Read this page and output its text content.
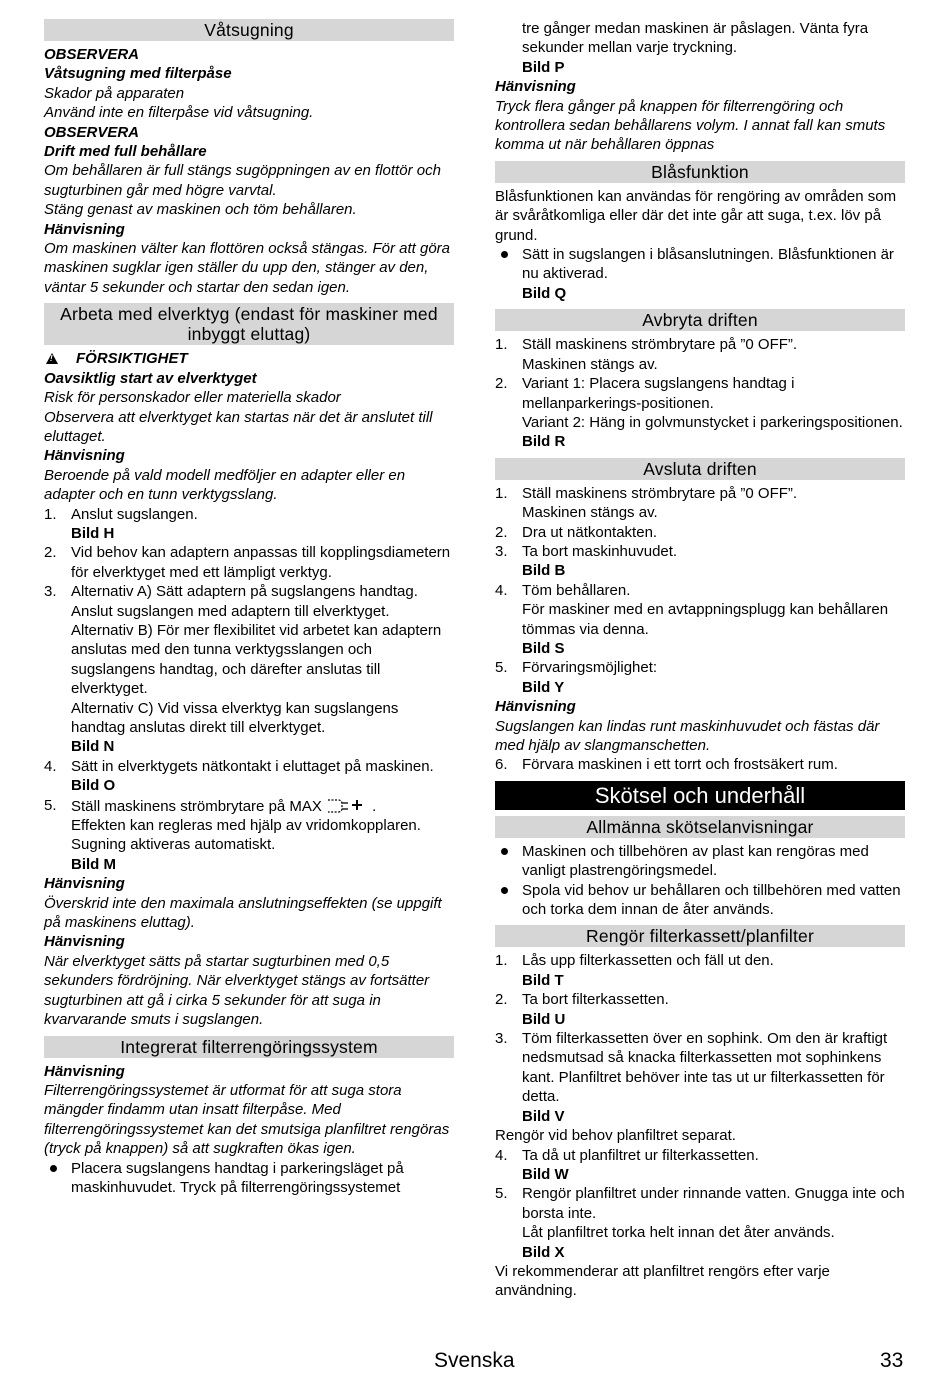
Våtsugning

OBSERVERA

Våtsugning med filterpåse

Skador på apparaten

Använd inte en filterpåse vid våtsugning.

OBSERVERA

Drift med full behållare

Om behållaren är full stängs sugöppningen av en flottör och sugturbinen går med högre varvtal.

Stäng genast av maskinen och töm behållaren.

Hänvisning

Om maskinen välter kan flottören också stängas. För att göra maskinen sugklar igen ställer du upp den, stänger av den, väntar 5 sekunder och startar den sedan igen.

Arbeta med elverktyg (endast för maskiner med inbyggt eluttag)

!FÖRSIKTIGHET

Oavsiktlig start av elverktyget

Risk för personskador eller materiella skador

Observera att elverktyget kan startas när det är anslutet till eluttaget.

Hänvisning

Beroende på vald modell medföljer en adapter eller en adapter och en tunn verktygsslang.

1. Anslut sugslangen.
Bild H
2. Vid behov kan adaptern anpassas till kopplingsdiametern för elverktyget med ett lämpligt verktyg.
3. Alternativ A) Sätt adaptern på sugslangens handtag. Anslut sugslangen med adaptern till elverktyget.
Alternativ B) För mer flexibilitet vid arbetet kan adaptern anslutas med den tunna verktygsslangen och sugslangens handtag, och därefter anslutas till elverktyget.
Alternativ C) Vid vissa elverktyg kan sugslangens handtag anslutas direkt till elverktyget.
Bild N
4. Sätt in elverktygets nätkontakt i eluttaget på maskinen.
Bild O
5. Ställ maskinens strömbrytare på MAX	.
Effekten kan regleras med hjälp av vridomkopplaren.
Sugning aktiveras automatiskt.
Bild M

Hänvisning

Överskrid inte den maximala anslutningseffekten (se uppgift på maskinens eluttag).

Hänvisning

När elverktyget sätts på startar sugturbinen med 0,5 sekunders fördröjning. När elverktyget stängs av fortsätter sugturbinen att gå i cirka 5 sekunder för att suga in kvarvarande smuts i sugslangen.

Integrerat filterrengöringssystem

Hänvisning

Filterrengöringssystemet är utformat för att suga stora mängder findamm utan insatt filterpåse. Med filterrengöringssystemet kan det smutsiga planfiltret rengöras (tryck på knappen) så att sugkraften ökas igen.

Placera sugslangens handtag i parkeringsläget på maskinhuvudet. Tryck på filterrengöringssystemet

tre gånger medan maskinen är påslagen. Vänta fyra sekunder mellan varje tryckning.

Bild P

Hänvisning

Tryck flera gånger på knappen för filterrengöring och kontrollera sedan behållarens volym. I annat fall kan smuts komma ut när behållaren öppnas

Blåsfunktion

Blåsfunktionen kan användas för rengöring av områden som är svåråtkomliga eller där det inte går att suga, t.ex. löv på grund.

Sätt in sugslangen i blåsanslutningen. Blåsfunktionen är nu aktiverad.
Bild Q
Avbryta driften
1. Ställ maskinens strömbrytare på ”0 OFF”.
Maskinen stängs av.
2. Variant 1: Placera sugslangens handtag i mellanparkerings-positionen.
Variant 2: Häng in golvmunstycket i parkeringspositionen.
Bild R
Avsluta driften
1. Ställ maskinens strömbrytare på ”0 OFF”.
Maskinen stängs av.
2. Dra ut nätkontakten.
3. Ta bort maskinhuvudet.
Bild B
4. Töm behållaren.
För maskiner med en avtappningsplugg kan behållaren tömmas via denna.
Bild S
5. Förvaringsmöjlighet:
Bild Y

Hänvisning

Sugslangen kan lindas runt maskinhuvudet och fästas där med hjälp av slangmanschetten.

6. Förvara maskinen i ett torrt och frostsäkert rum.
Skötsel och underhåll
Allmänna skötselanvisningar
Maskinen och tillbehören av plast kan rengöras med vanligt plastrengöringsmedel.
Spola vid behov ur behållaren och tillbehören med vatten och torka dem innan de åter används.
Rengör filterkassett/planfilter
1. Lås upp filterkassetten och fäll ut den.
Bild T
2. Ta bort filterkassetten.
Bild U
3. Töm filterkassetten över en sophink. Om den är kraftigt nedsmutsad så knacka filterkassetten mot sophinkens kant. Planfiltret behöver inte tas ut ur filterkassetten för detta.
Bild V

Rengör vid behov planfiltret separat.

4. Ta då ut planfiltret ur filterkassetten.
Bild W
5. Rengör planfiltret under rinnande vatten. Gnugga inte och borsta inte.
Låt planfiltret torka helt innan det åter används.
Bild X

Vi rekommenderar att planfiltret rengörs efter varje användning.

Svenska	33
